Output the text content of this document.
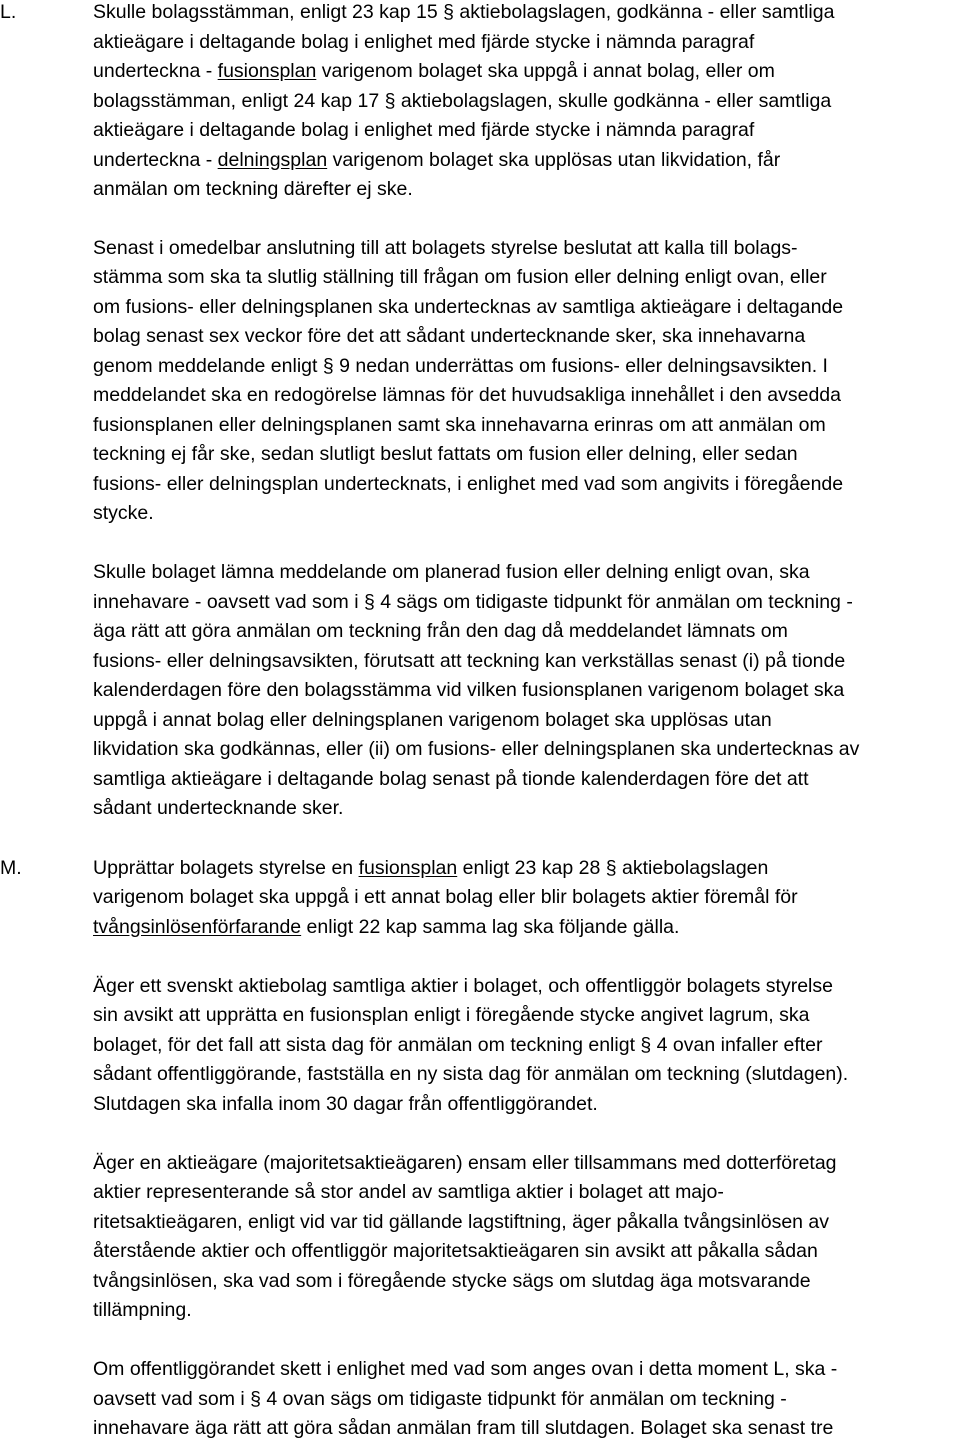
L.	Skulle bolagsstämman, enligt 23 kap 15 § aktiebolagslagen, godkänna - eller samtliga

aktieägare i deltagande bolag i enlighet med fjärde stycke i nämnda paragraf

underteckna - fusionsplan varigenom bolaget ska uppgå i annat bolag, eller om

bolagsstämman, enligt 24 kap 17 § aktiebolagslagen, skulle godkänna - eller samtliga

aktieägare i deltagande bolag i enlighet med fjärde stycke i nämnda paragraf

underteckna - delningsplan varigenom bolaget ska upplösas utan likvidation, får

anmälan om teckning därefter ej ske.

Senast i omedelbar anslutning till att bolagets styrelse beslutat att kalla till bolags-

stämma som ska ta slutlig ställning till frågan om fusion eller delning enligt ovan, eller

om fusions- eller delningsplanen ska undertecknas av samtliga aktieägare i deltagande

bolag senast sex veckor före det att sådant undertecknande sker, ska innehavarna

genom meddelande enligt § 9 nedan underrättas om fusions- eller delningsavsikten. I

meddelandet ska en redogörelse lämnas för det huvudsakliga innehållet i den avsedda

fusionsplanen eller delningsplanen samt ska innehavarna erinras om att anmälan om

teckning ej får ske, sedan slutligt beslut fattats om fusion eller delning, eller sedan

fusions- eller delningsplan undertecknats, i enlighet med vad som angivits i föregående

stycke.

Skulle bolaget lämna meddelande om planerad fusion eller delning enligt ovan, ska

innehavare - oavsett vad som i § 4 sägs om tidigaste tidpunkt för anmälan om teckning -

äga rätt att göra anmälan om teckning från den dag då meddelandet lämnats om

fusions- eller delningsavsikten, förutsatt att teckning kan verkställas senast (i) på tionde

kalenderdagen före den bolagsstämma vid vilken fusionsplanen varigenom bolaget ska

uppgå i annat bolag eller delningsplanen varigenom bolaget ska upplösas utan

likvidation ska godkännas, eller (ii) om fusions- eller delningsplanen ska undertecknas av

samtliga aktieägare i deltagande bolag senast på tionde kalenderdagen före det att

sådant undertecknande sker.

M.	Upprättar bolagets styrelse en fusionsplan enligt 23 kap 28 § aktiebolagslagen

varigenom bolaget ska uppgå i ett annat bolag eller blir bolagets aktier föremål för

tvångsinlösenförfarande enligt 22 kap samma lag ska följande gälla.

Äger ett svenskt aktiebolag samtliga aktier i bolaget, och offentliggör bolagets styrelse

sin avsikt att upprätta en fusionsplan enligt i föregående stycke angivet lagrum, ska

bolaget, för det fall att sista dag för anmälan om teckning enligt § 4 ovan infaller efter

sådant offentliggörande, fastställa en ny sista dag för anmälan om teckning (slutdagen).

Slutdagen ska infalla inom 30 dagar från offentliggörandet.

Äger en aktieägare (majoritetsaktieägaren) ensam eller tillsammans med dotterföretag

aktier representerande så stor andel av samtliga aktier i bolaget att majo-

ritetsaktieägaren, enligt vid var tid gällande lagstiftning, äger påkalla tvångsinlösen av

återstående aktier och offentliggör majoritetsaktieägaren sin avsikt att påkalla sådan

tvångsinlösen, ska vad som i föregående stycke sägs om slutdag äga motsvarande

tillämpning.

Om offentliggörandet skett i enlighet med vad som anges ovan i detta moment L, ska -

oavsett vad som i § 4 ovan sägs om tidigaste tidpunkt för anmälan om teckning -

innehavare äga rätt att göra sådan anmälan fram till slutdagen. Bolaget ska senast tre
